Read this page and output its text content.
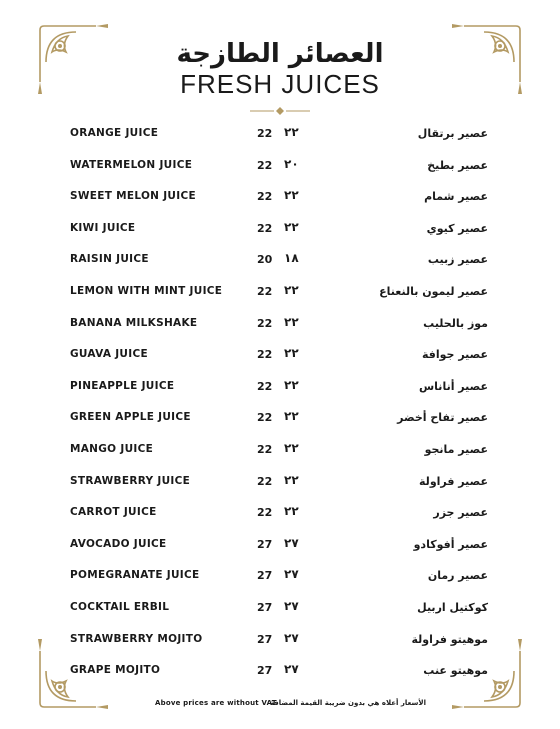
العصائر الطازجة
FRESH JUICES
ORANGE JUICE	22 ٢٢	عصير برتقال
WATERMELON JUICE	22 ٢٠	عصير بطيخ
SWEET MELON JUICE	22 ٢٢	عصير شمام
KIWI JUICE	22 ٢٢	عصير كيوي
RAISIN JUICE	20 ١٨	عصير زبيب
LEMON WITH MINT JUICE	22 ٢٢	عصير ليمون بالنعناع
BANANA MILKSHAKE	22 ٢٢	موز بالحليب
GUAVA JUICE	22 ٢٢	عصير جوافة
PINEAPPLE JUICE	22 ٢٢	عصير أناناس
GREEN APPLE JUICE	22 ٢٢	عصير تفاح أخضر
MANGO JUICE	22 ٢٢	عصير مانجو
STRAWBERRY JUICE	22 ٢٢	عصير فراولة
CARROT JUICE	22 ٢٢	عصير جزر
AVOCADO JUICE	27 ٢٧	عصير أفوكادو
POMEGRANATE JUICE	27 ٢٧	عصير رمان
COCKTAIL ERBIL	27 ٢٧	كوكتيل اربيل
STRAWBERRY MOJITO	27 ٢٧	موهيتو فراولة
GRAPE MOJITO	27 ٢٧	موهيتو عنب
Above prices are without VAT
الأسعار أعلاه هي بدون ضريبة القيمة المضافة
